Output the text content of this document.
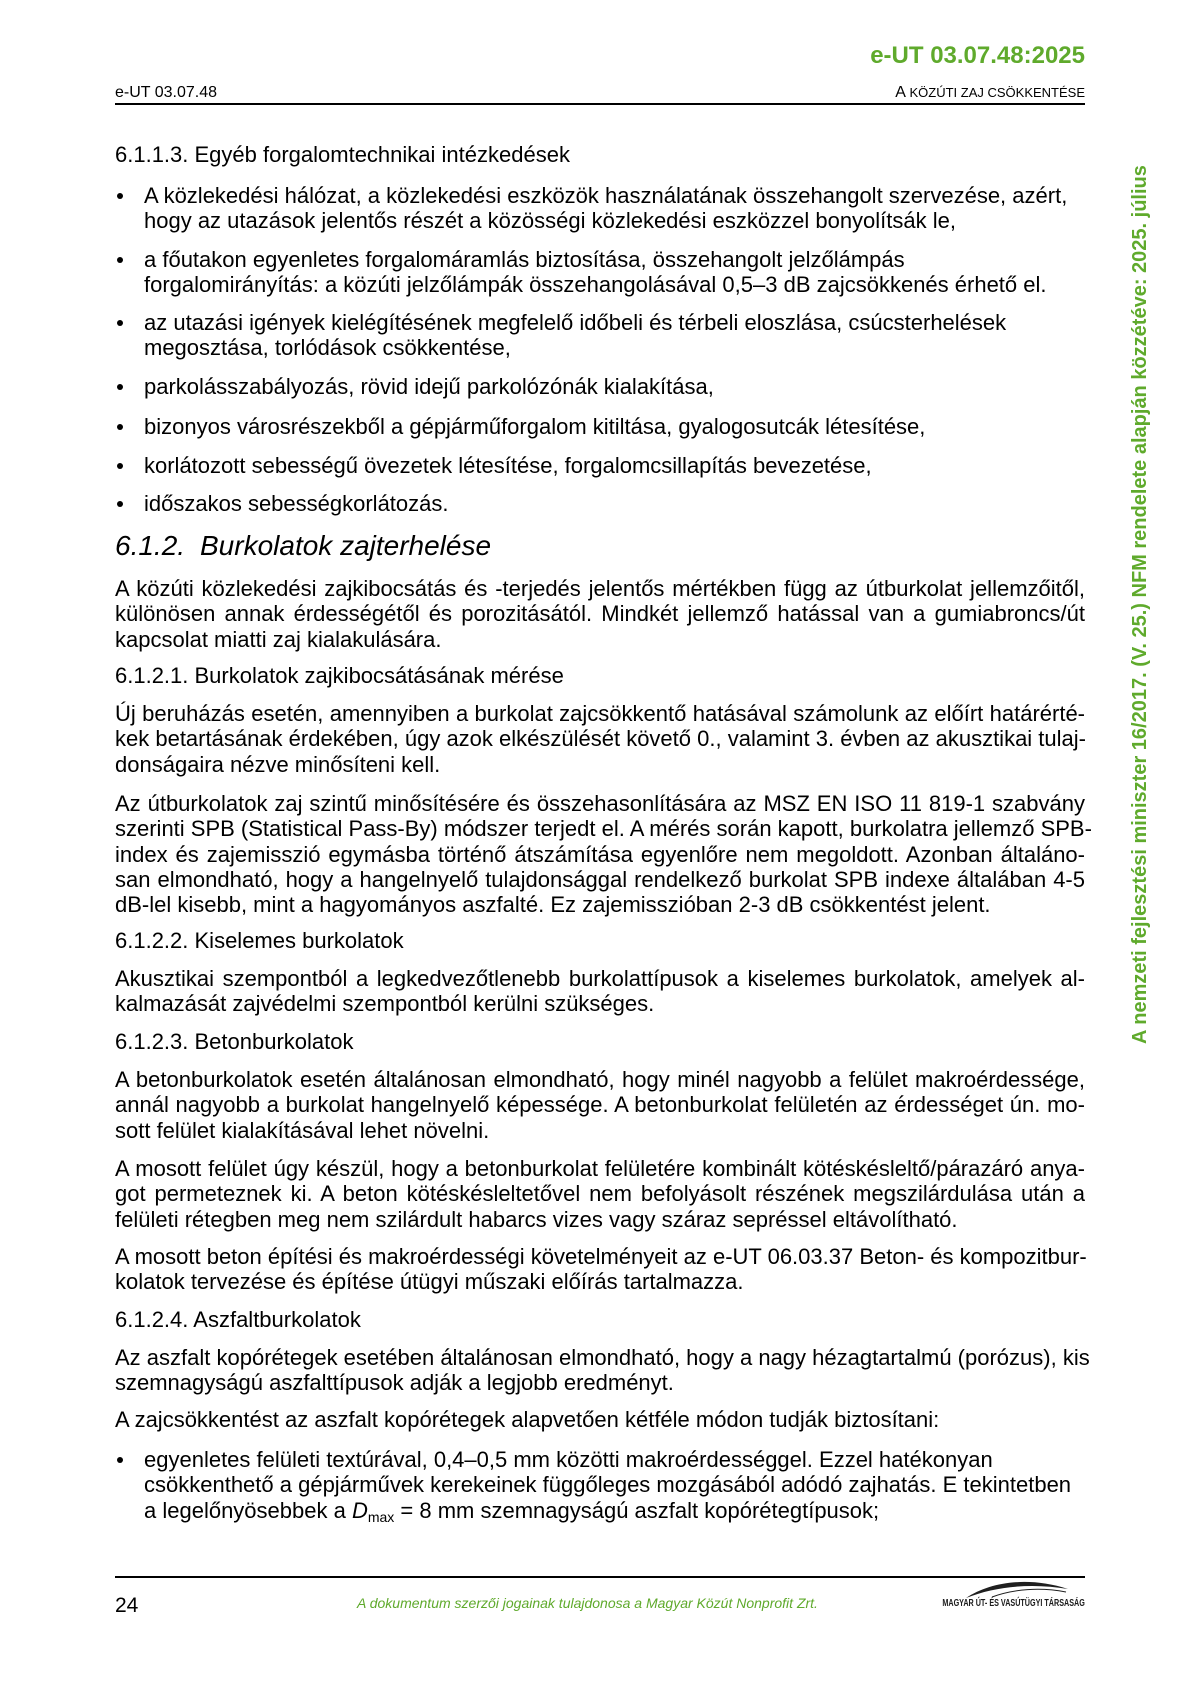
e-UT 03.07.48:2025
e-UT 03.07.48	A KÖZÚTI ZAJ CSÖKKENTÉSE
A nemzeti fejlesztési miniszter 16/2017. (V. 25.) NFM rendelete alapján közzétéve: 2025. július
6.1.1.3. Egyéb forgalomtechnikai intézkedések
A közlekedési hálózat, a közlekedési eszközök használatának összehangolt szervezése, azért,
hogy az utazások jelentős részét a közösségi közlekedési eszközzel bonyolítsák le,
a főutakon egyenletes forgalomáramlás biztosítása, összehangolt jelzőlámpás
forgalomirányítás: a közúti jelzőlámpák összehangolásával 0,5–3 dB zajcsökkenés érhető el.
az utazási igények kielégítésének megfelelő időbeli és térbeli eloszlása, csúcsterhelések
megosztása, torlódások csökkentése,
parkolásszabályozás, rövid idejű parkolózónák kialakítása,
bizonyos városrészekből a gépjárműforgalom kitiltása, gyalogosutcák létesítése,
korlátozott sebességű övezetek létesítése, forgalomcsillapítás bevezetése,
időszakos sebességkorlátozás.
6.1.2. Burkolatok zajterhelése
A közúti közlekedési zajkibocsátás és -terjedés jelentős mértékben függ az útburkolat jellemzőitől,
különösen annak érdességétől és porozitásától. Mindkét jellemző hatással van a gumiabroncs/út
kapcsolat miatti zaj kialakulására.
6.1.2.1. Burkolatok zajkibocsátásának mérése
Új beruházás esetén, amennyiben a burkolat zajcsökkentő hatásával számolunk az előírt határérté-
kek betartásának érdekében, úgy azok elkészülését követő 0., valamint 3. évben az akusztikai tulaj-
donságaira nézve minősíteni kell.
Az útburkolatok zaj szintű minősítésére és összehasonlítására az MSZ EN ISO 11 819-1 szabvány
szerinti SPB (Statistical Pass-By) módszer terjedt el. A mérés során kapott, burkolatra jellemző SPB-
index és zajemisszió egymásba történő átszámítása egyenlőre nem megoldott. Azonban általáno-
san elmondható, hogy a hangelnyelő tulajdonsággal rendelkező burkolat SPB indexe általában 4-5
dB-lel kisebb, mint a hagyományos aszfalté. Ez zajemisszióban 2-3 dB csökkentést jelent.
6.1.2.2. Kiselemes burkolatok
Akusztikai szempontból a legkedvezőtlenebb burkolattípusok a kiselemes burkolatok, amelyek al-
kalmazását zajvédelmi szempontból kerülni szükséges.
6.1.2.3. Betonburkolatok
A betonburkolatok esetén általánosan elmondható, hogy minél nagyobb a felület makroérdessége,
annál nagyobb a burkolat hangelnyelő képessége. A betonburkolat felületén az érdességet ún. mo-
sott felület kialakításával lehet növelni.
A mosott felület úgy készül, hogy a betonburkolat felületére kombinált kötéskésleltő/párazáró anya-
got permeteznek ki. A beton kötéskésleltetővel nem befolyásolt részének megszilárdulása után a
felületi rétegben meg nem szilárdult habarcs vizes vagy száraz sepréssel eltávolítható.
A mosott beton építési és makroérdességi követelményeit az e-UT 06.03.37 Beton- és kompozitbur-
kolatok tervezése és építése útügyi műszaki előírás tartalmazza.
6.1.2.4. Aszfaltburkolatok
Az aszfalt kopórétegek esetében általánosan elmondható, hogy a nagy hézagtartalmú (porózus), kis
szemnagyságú aszfalttípusok adják a legjobb eredményt.
A zajcsökkentést az aszfalt kopórétegek alapvetően kétféle módon tudják biztosítani:
egyenletes felületi textúrával, 0,4–0,5 mm közötti makroérdességgel. Ezzel hatékonyan
csökkenthető a gépjárművek kerekeinek függőleges mozgásából adódó zajhatás. E tekintetben
a legelőnyösebbek a $D_{max} = 8$ mm szemnagyságú aszfalt kopórétegtípusok;
24	A dokumentum szerzői jogainak tulajdonosa a Magyar Közút Nonprofit Zrt.	MAGYAR ÚT- ÉS VASÚTÜGYI TÁRSASÁG
